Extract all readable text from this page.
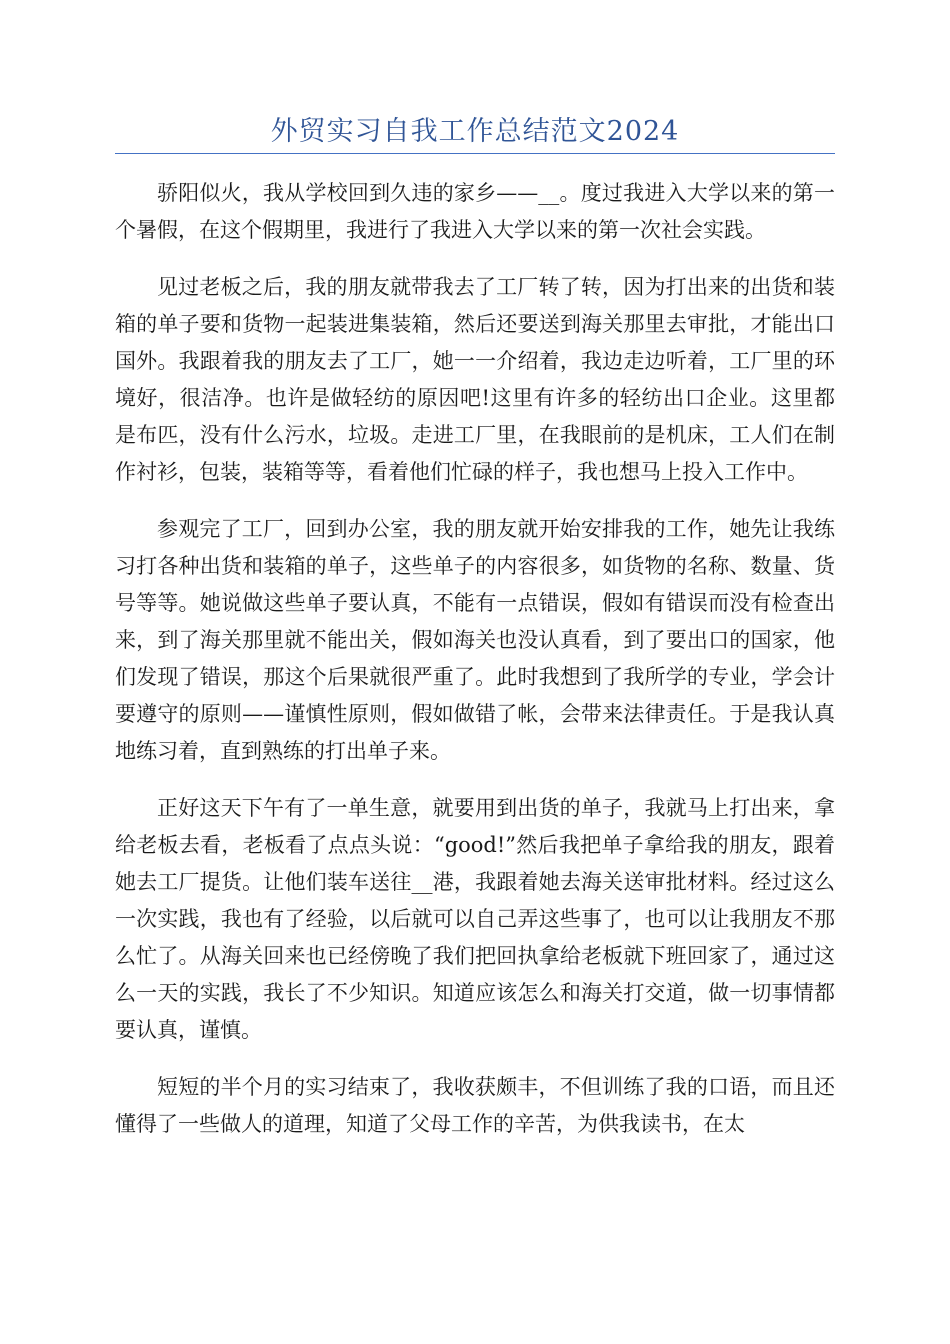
外贸实习自我工作总结范文2024

骄阳似火，我从学校回到久违的家乡——__。度过我进入大学以来的第一个暑假，在这个假期里，我进行了我进入大学以来的第一次社会实践。

见过老板之后，我的朋友就带我去了工厂转了转，因为打出来的出货和装箱的单子要和货物一起装进集装箱，然后还要送到海关那里去审批，才能出口国外。我跟着我的朋友去了工厂，她一一介绍着，我边走边听着，工厂里的环境好，很洁净。也许是做轻纺的原因吧!这里有许多的轻纺出口企业。这里都是布匹，没有什么污水，垃圾。走进工厂里，在我眼前的是机床，工人们在制作衬衫，包装，装箱等等，看着他们忙碌的样子，我也想马上投入工作中。

参观完了工厂，回到办公室，我的朋友就开始安排我的工作，她先让我练习打各种出货和装箱的单子，这些单子的内容很多，如货物的名称、数量、货号等等。她说做这些单子要认真，不能有一点错误，假如有错误而没有检查出来，到了海关那里就不能出关，假如海关也没认真看，到了要出口的国家，他们发现了错误，那这个后果就很严重了。此时我想到了我所学的专业，学会计要遵守的原则——谨慎性原则，假如做错了帐，会带来法律责任。于是我认真地练习着，直到熟练的打出单子来。

正好这天下午有了一单生意，就要用到出货的单子，我就马上打出来，拿给老板去看，老板看了点点头说：“good!”然后我把单子拿给我的朋友，跟着她去工厂提货。让他们装车送往__港，我跟着她去海关送审批材料。经过这么一次实践，我也有了经验，以后就可以自己弄这些事了，也可以让我朋友不那么忙了。从海关回来也已经傍晚了我们把回执拿给老板就下班回家了，通过这么一天的实践，我长了不少知识。知道应该怎么和海关打交道，做一切事情都要认真，谨慎。

短短的半个月的实习结束了，我收获颇丰，不但训练了我的口语，而且还懂得了一些做人的道理，知道了父母工作的辛苦，为供我读书，在太
